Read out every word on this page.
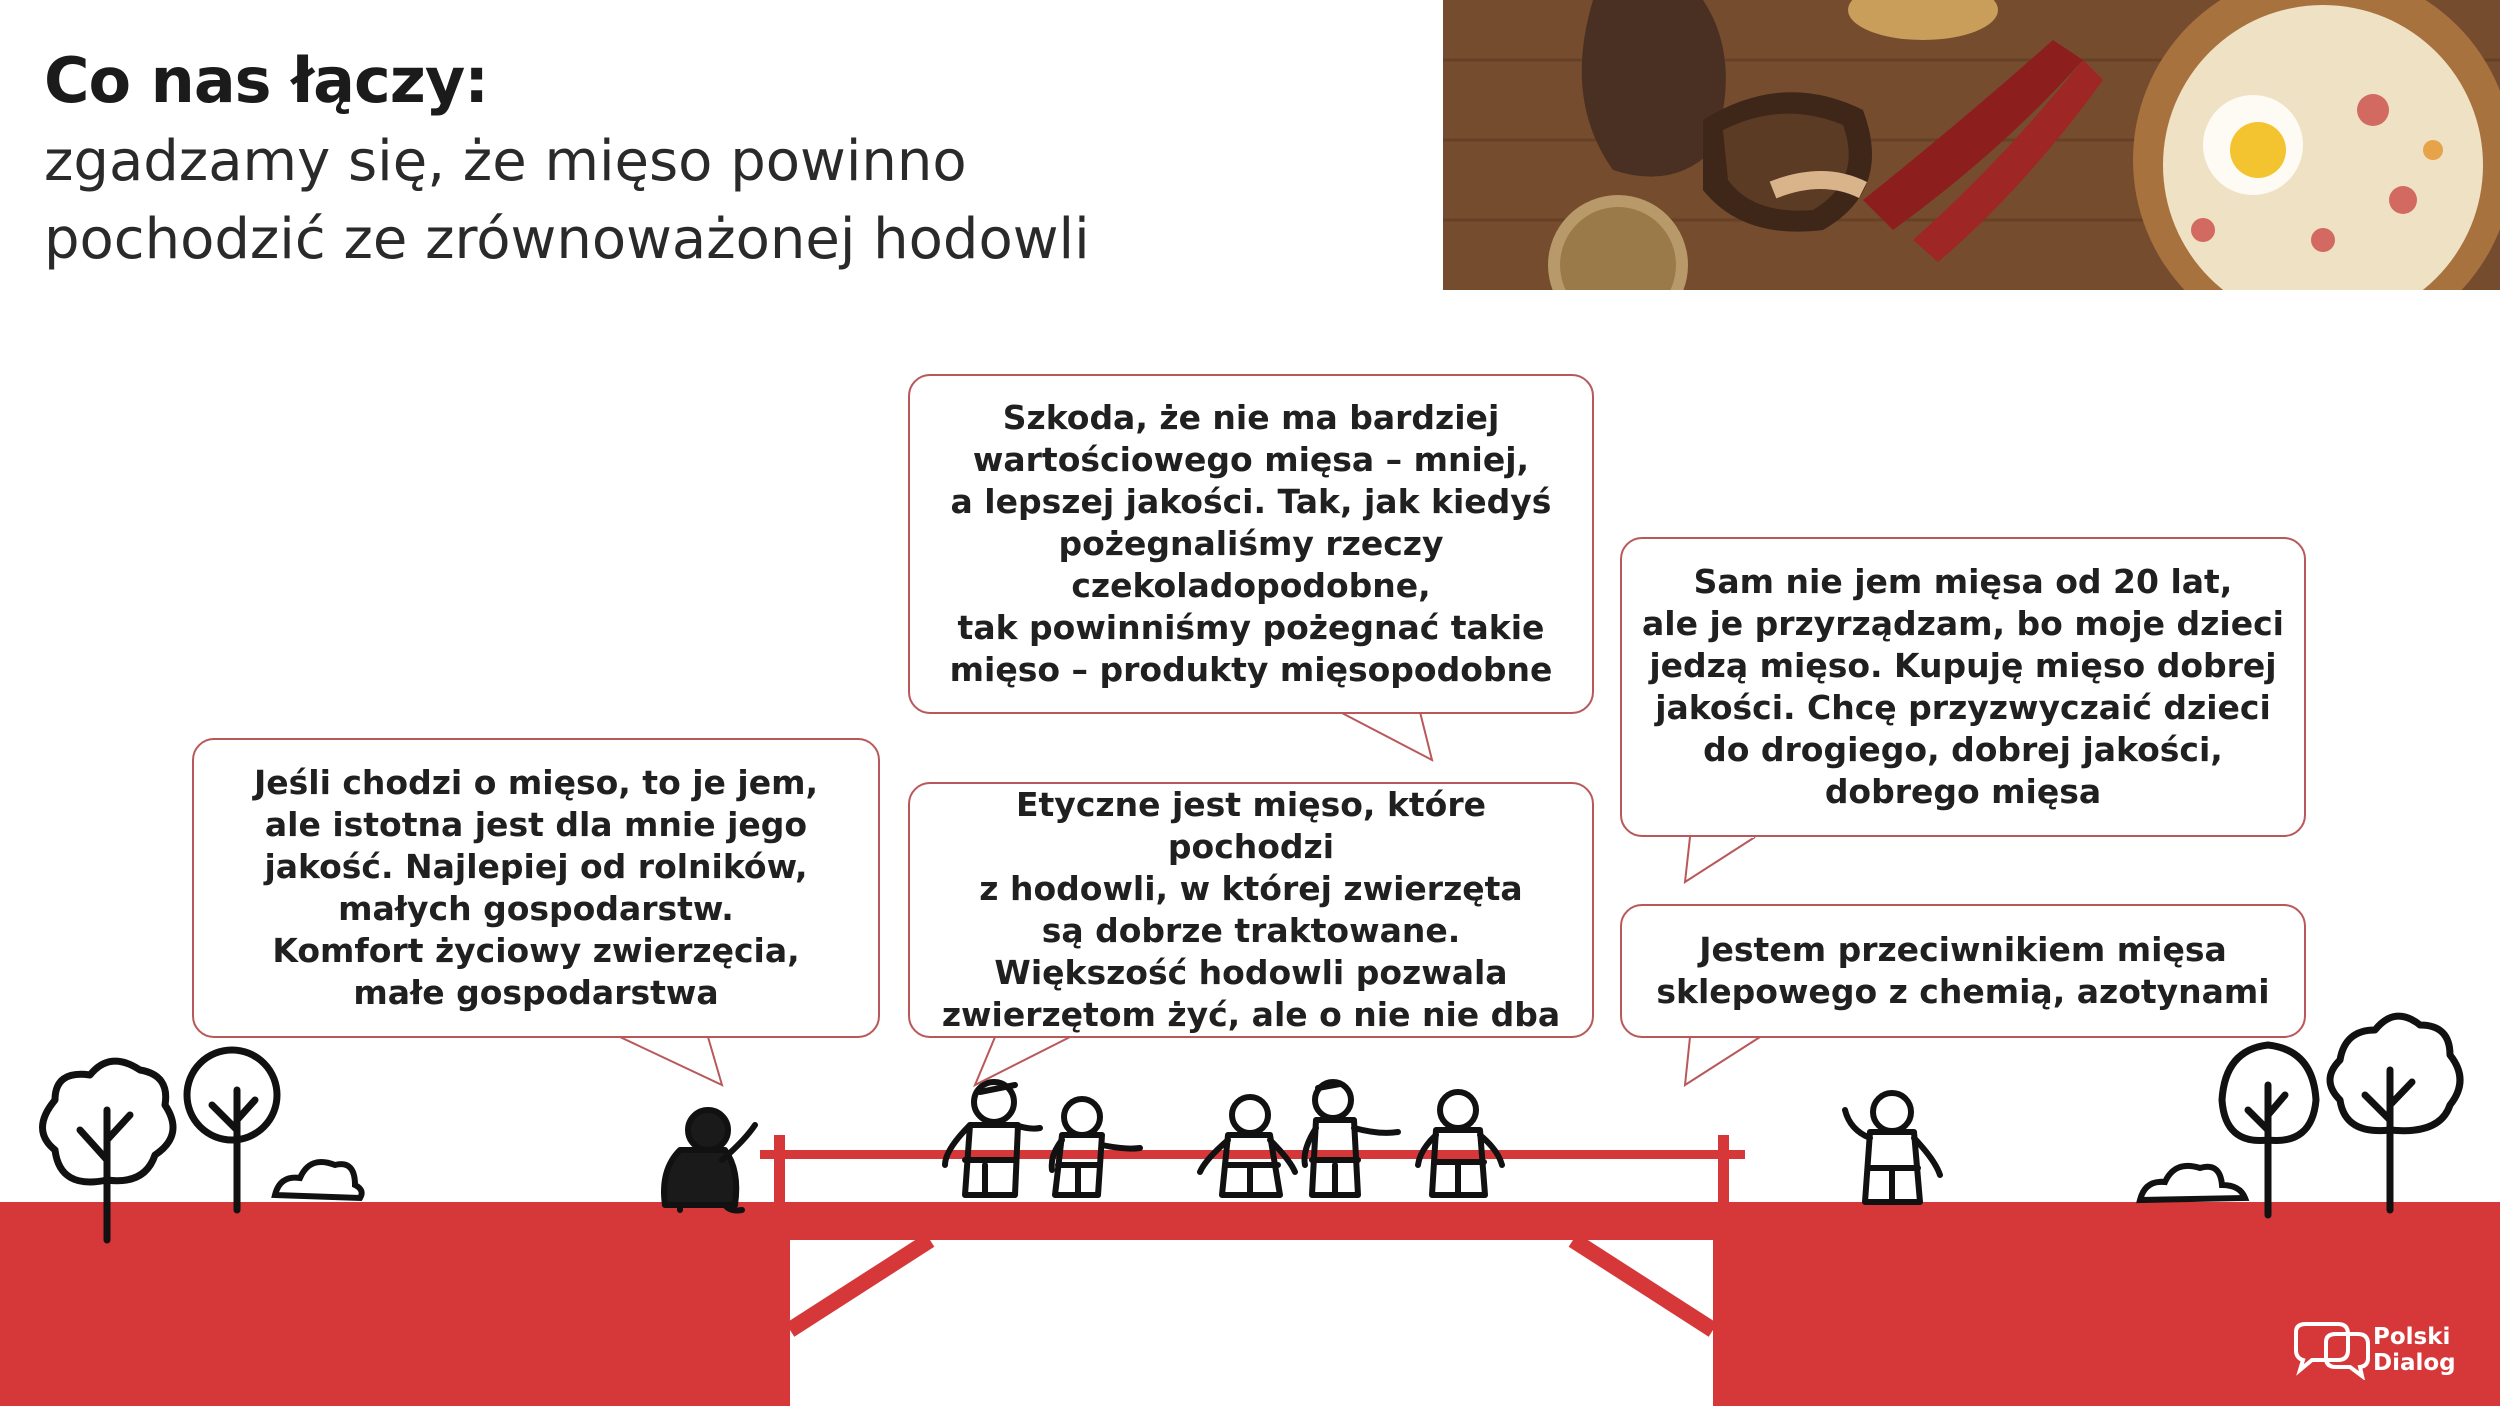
Co nas łączy:

zgadzamy się, że mięso powinno
pochodzić ze zrównoważonej hodowli

Szkoda, że nie ma bardziej
wartościowego mięsa – mniej,
a lepszej jakości. Tak, jak kiedyś
pożegnaliśmy rzeczy
czekoladopodobne,
tak powinniśmy pożegnać takie
mięso – produkty mięsopodobne
Sam nie jem mięsa od 20 lat,
ale je przyrządzam, bo moje dzieci
jedzą mięso. Kupuję mięso dobrej
jakości. Chcę przyzwyczaić dzieci
do drogiego, dobrej jakości,
dobrego mięsa
Jeśli chodzi o mięso, to je jem,
ale istotna jest dla mnie jego
jakość. Najlepiej od rolników,
małych gospodarstw.
Komfort życiowy zwierzęcia,
małe gospodarstwa
Etyczne jest mięso, które pochodzi
z hodowli, w której zwierzęta
są dobrze traktowane.
Większość hodowli pozwala
zwierzętom żyć, ale o nie nie dba
Jestem przeciwnikiem mięsa
sklepowego z chemią, azotynami
Polski
Dialog
